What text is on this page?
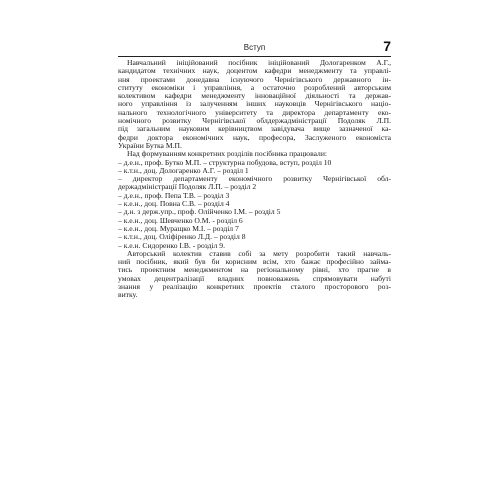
Вступ	7
Навчальний ініційований посібник ініційований Дологаренком А.Г.,
кандидатом технічних наук, доцентом кафедри менеджменту та управлі-
ння проектами донедавна існуючого Чернігівського державного ін-
ституту економіки і управління, а остаточно розроблений авторським
колективом кафедри менеджменту інноваційної діяльності та держав-
ного управління із залученням інших науковців Чернігівського націо-
нального технологічного університету та директора департаменту еко-
номічного розвитку Чернігівської облдержадміністрації Подоляк Л.П.
під загальним науковим керівництвом завідувача вище зазначеної ка-
федри доктора економічних наук, професора, Заслуженого економіста
України Бутка М.П.
Над формуванням конкретних розділів посібника працювали:
– д.е.н., проф. Бутко М.П. – структурна побудова, вступ, розділ 10
– к.т.н., доц. Дологаренко А.Г. – розділ 1
– директор департаменту економічного розвитку Чернігівської обл-
держадміністрації Подоляк Л.П. – розділ 2
– д.е.н., проф. Пепа Т.В. – розділ 3
– к.е.н., доц. Повна С.В. – розділ 4
– д.н. з держ.упр., проф. Олійченко І.М. – розділ 5
– к.е.н., доц. Шевченко О.М. - розділ 6
– к.е.н., доц. Муращко М.І. – розділ 7
– к.т.н., доц. Оліфіренко Л.Д. – розділ 8
– к.е.н. Сидоренко І.В. - розділ 9.
Авторський колектив ставив собі за мету розробити такий навчаль-
ний посібник, який був би корисним всім, хто бажає професійно займа-
тись проектним менеджментом на регіональному рівні, хто прагне в
умовах децентралізації владних повноважень спрямовувати набуті
знання у реалізацію конкретних проектів сталого просторового роз-
витку.
